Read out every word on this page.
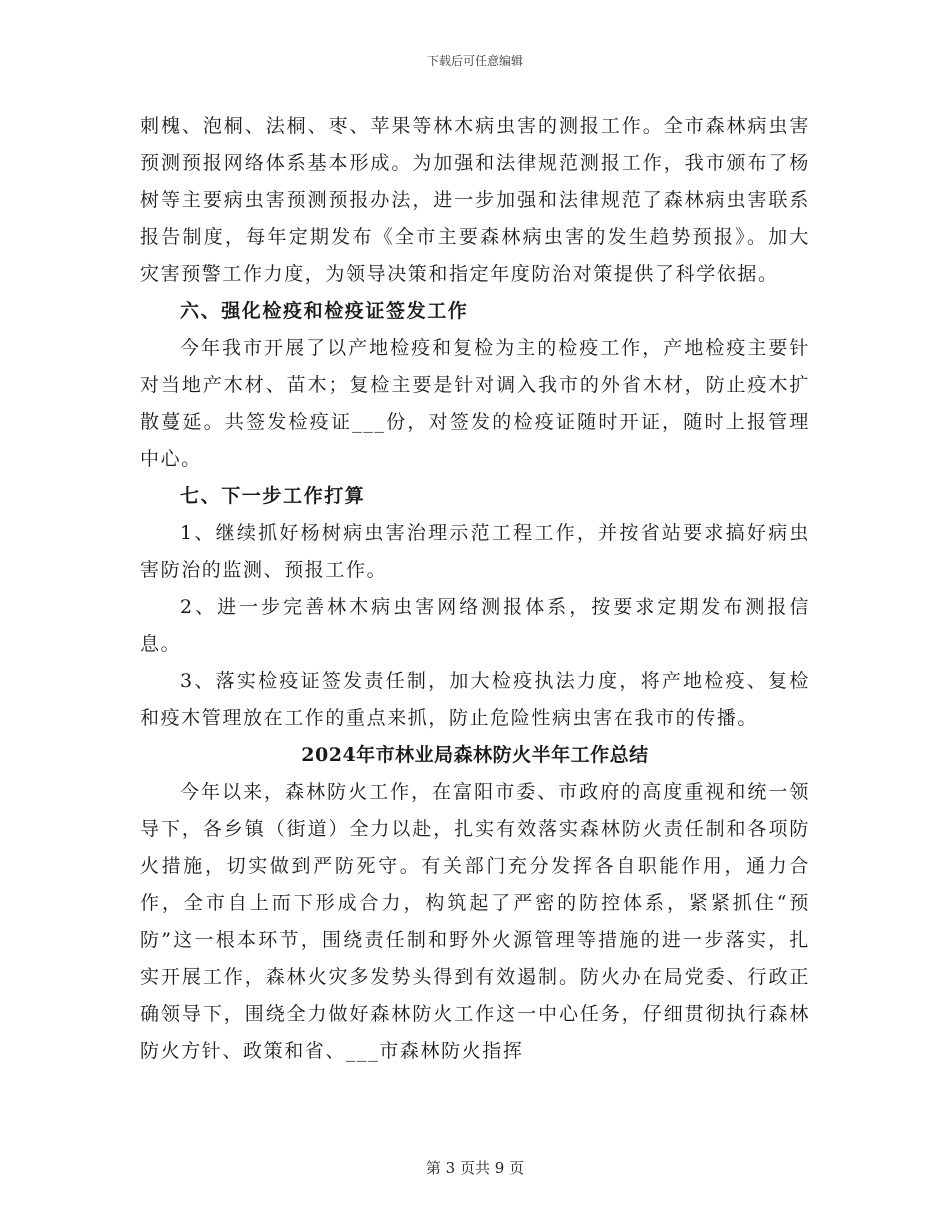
下载后可任意编辑

刺槐、泡桐、法桐、枣、苹果等林木病虫害的测报工作。全市森林病虫害预测预报网络体系基本形成。为加强和法律规范测报工作，我市颁布了杨树等主要病虫害预测预报办法，进一步加强和法律规范了森林病虫害联系报告制度，每年定期发布《全市主要森林病虫害的发生趋势预报》。加大灾害预警工作力度，为领导决策和指定年度防治对策提供了科学依据。

六、强化检疫和检疫证签发工作

今年我市开展了以产地检疫和复检为主的检疫工作，产地检疫主要针对当地产木材、苗木；复检主要是针对调入我市的外省木材，防止疫木扩散蔓延。共签发检疫证___份，对签发的检疫证随时开证，随时上报管理中心。

七、下一步工作打算

1、继续抓好杨树病虫害治理示范工程工作，并按省站要求搞好病虫害防治的监测、预报工作。

2、进一步完善林木病虫害网络测报体系，按要求定期发布测报信息。

3、落实检疫证签发责任制，加大检疫执法力度，将产地检疫、复检和疫木管理放在工作的重点来抓，防止危险性病虫害在我市的传播。

2024年市林业局森林防火半年工作总结

今年以来，森林防火工作，在富阳市委、市政府的高度重视和统一领导下，各乡镇（街道）全力以赴，扎实有效落实森林防火责任制和各项防火措施，切实做到严防死守。有关部门充分发挥各自职能作用，通力合作，全市自上而下形成合力，构筑起了严密的防控体系，紧紧抓住“预防”这一根本环节，围绕责任制和野外火源管理等措施的进一步落实，扎实开展工作，森林火灾多发势头得到有效遏制。防火办在局党委、行政正确领导下，围绕全力做好森林防火工作这一中心任务，仔细贯彻执行森林防火方针、政策和省、___市森林防火指挥

第 3 页共 9 页
